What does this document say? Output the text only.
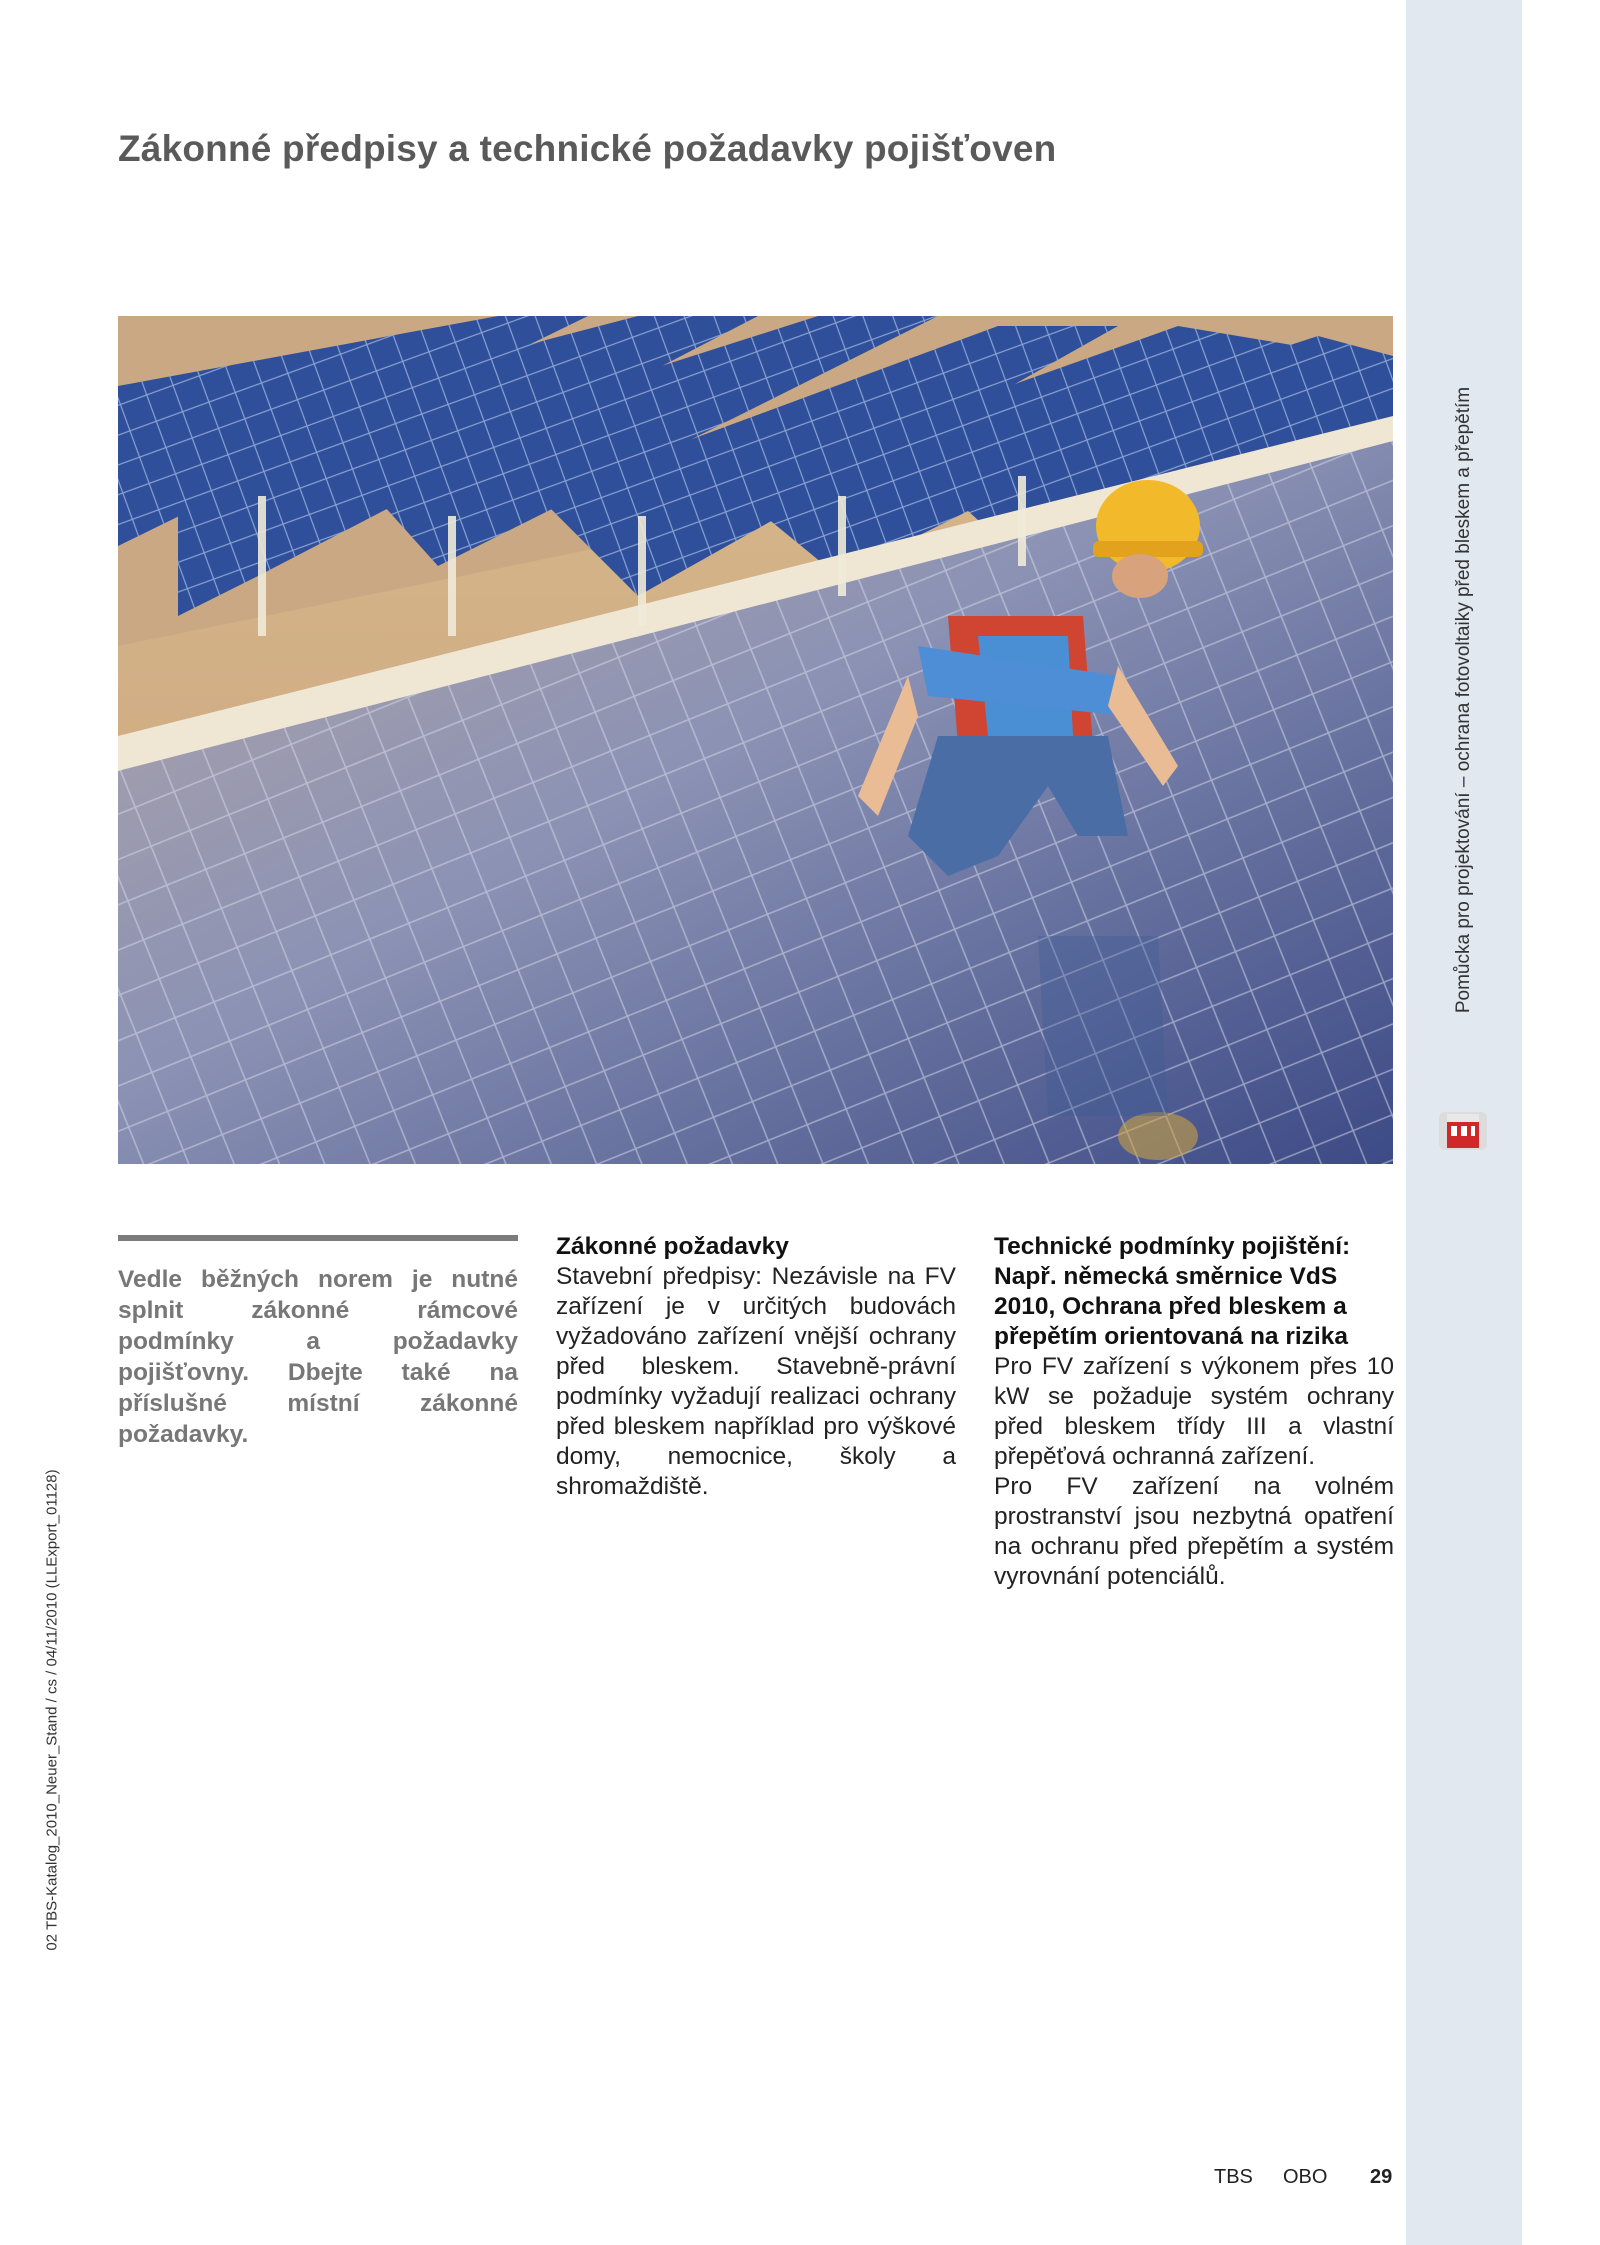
Pomůcka pro projektování – ochrana fotovoltaiky před bleskem a přepětím
02 TBS-Katalog_2010_Neuer_Stand / cs / 04/11/2010 (LLExport_01128)
Zákonné předpisy a technické požadavky pojišťoven
Vedle běžných norem je nutné splnit zákonné rámcové podmínky a požadavky pojišťovny. Dbejte také na příslušné místní zákonné požadavky.
Zákonné požadavky

Stavební předpisy: Nezávisle na FV zařízení je v určitých budovách vyžadováno zařízení vnější ochrany před bleskem. Stavebně-právní podmínky vyžadují realizaci ochrany před bleskem například pro výškové domy, nemocnice, školy a shromaždiště.

Technické podmínky pojištění: Např. německá směrnice VdS 2010, Ochrana před bleskem a přepětím orientovaná na rizika

Pro FV zařízení s výkonem přes 10 kW se požaduje systém ochrany před bleskem třídy III a vlastní přepěťová ochranná zařízení.

Pro FV zařízení na volném prostranství jsou nezbytná opatření na ochranu před přepětím a systém vyrovnání potenciálů.

TBS OBO 29
